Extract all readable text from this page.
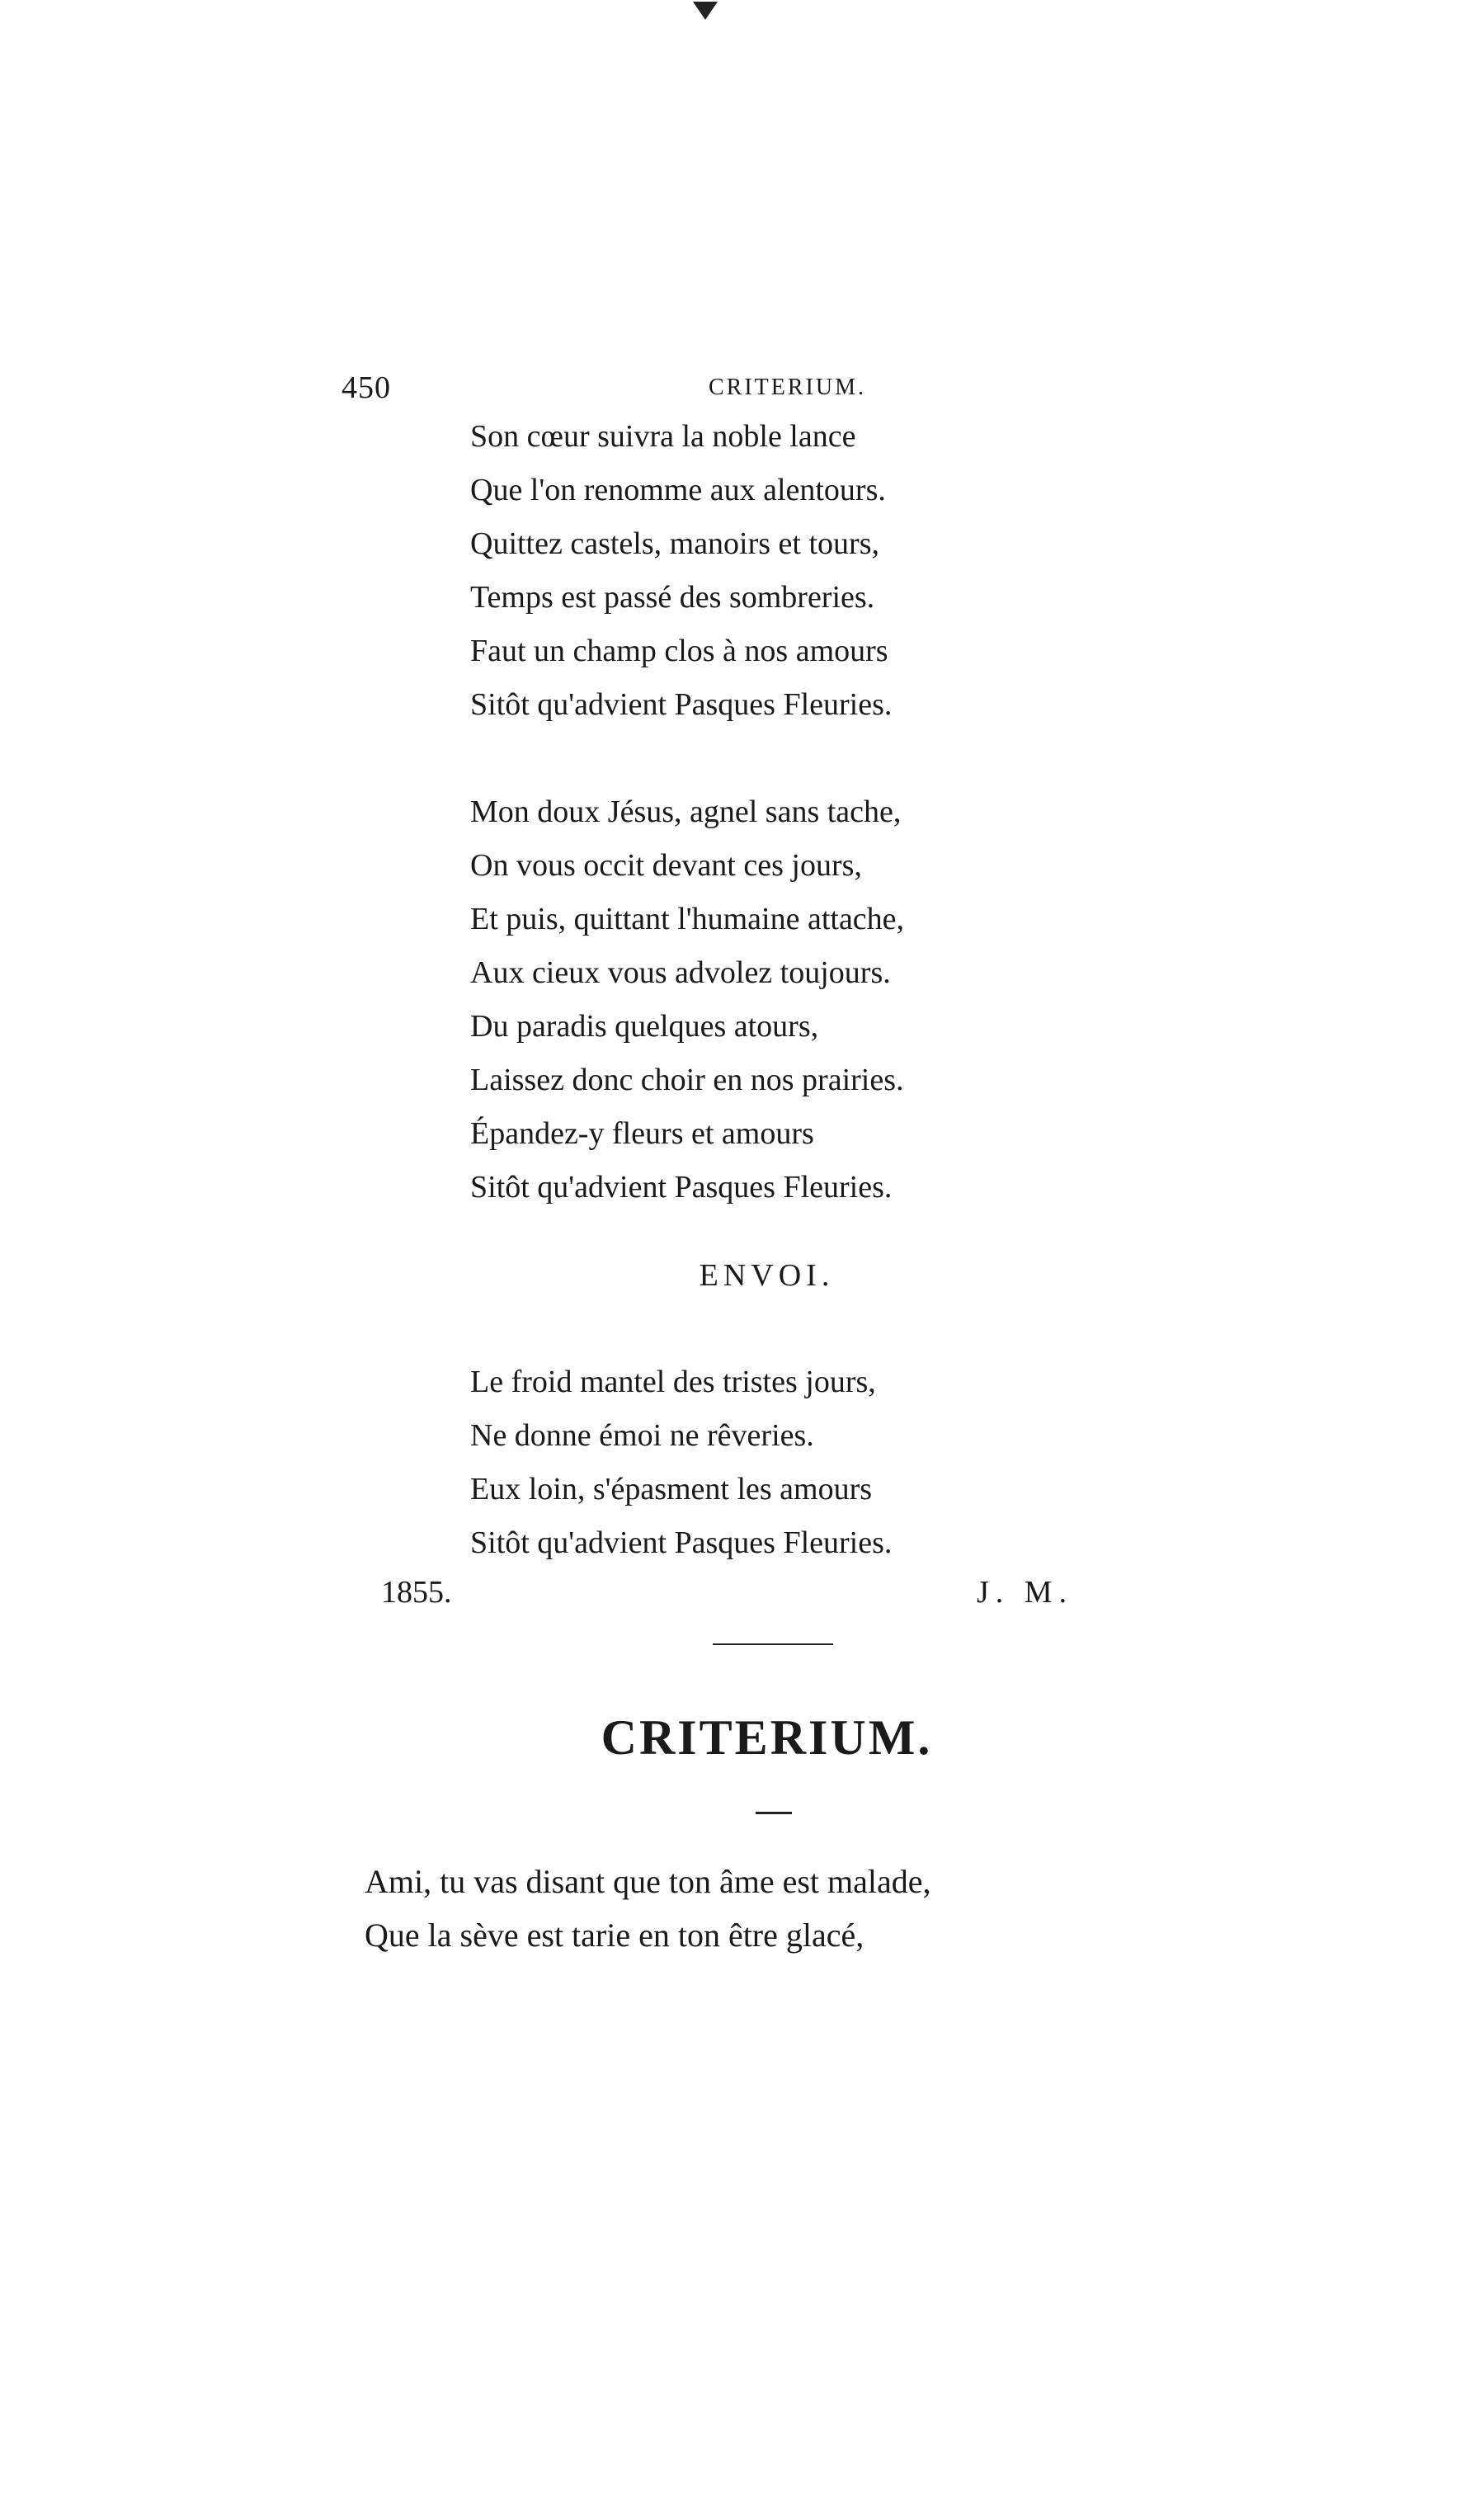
450	CRITERIUM.
Son cœur suivra la noble lance
Que l'on renomme aux alentours.
Quittez castels, manoirs et tours,
Temps est passé des sombreries.
Faut un champ clos à nos amours
Sitôt qu'advient Pasques Fleuries.
Mon doux Jésus, agnel sans tache,
On vous occit devant ces jours,
Et puis, quittant l'humaine attache,
Aux cieux vous advolez toujours.
Du paradis quelques atours,
Laissez donc choir en nos prairies.
Épandez-y fleurs et amours
Sitôt qu'advient Pasques Fleuries.
ENVOI.
Le froid mantel des tristes jours,
Ne donne émoi ne rêveries.
Eux loin, s'épasment les amours
Sitôt qu'advient Pasques Fleuries.
1855.	J. M.
CRITERIUM.
Ami, tu vas disant que ton âme est malade,
Que la sève est tarie en ton être glacé,
